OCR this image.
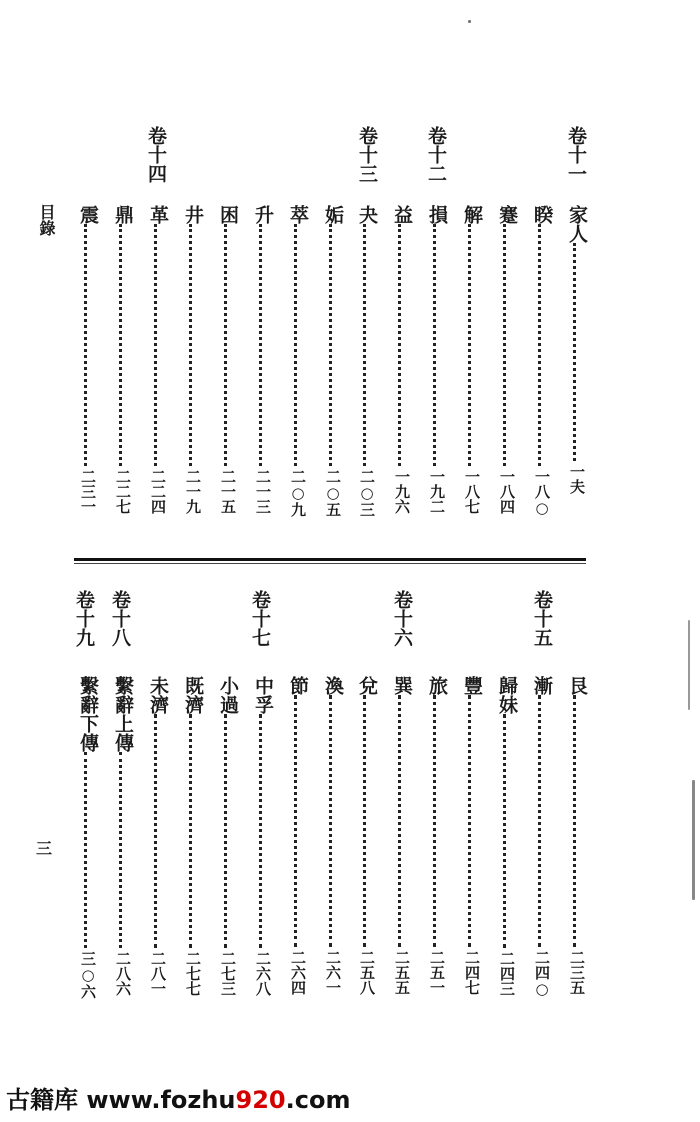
目錄
三
卷十一
卷十二
卷十三
卷十四
家人
一夫
睽
一八○
蹇
一八四
解
一八七
損
一九二
益
一九六
夬
二○三
姤
二○五
萃
二○九
升
二一三
困
二一五
井
二一九
革
二二四
鼎
二二七
震
二三一
卷十五
卷十六
卷十七
卷十八
卷十九
艮
二三五
漸
二四○
歸妹
二四三
豐
二四七
旅
二五一
巽
二五五
兌
二五八
渙
二六一
節
二六四
中孚
二六八
小過
二七三
既濟
二七七
未濟
二八一
繫辭上傳
二八六
繫辭下傳
三○六
古籍库 www.fozhu920.com
